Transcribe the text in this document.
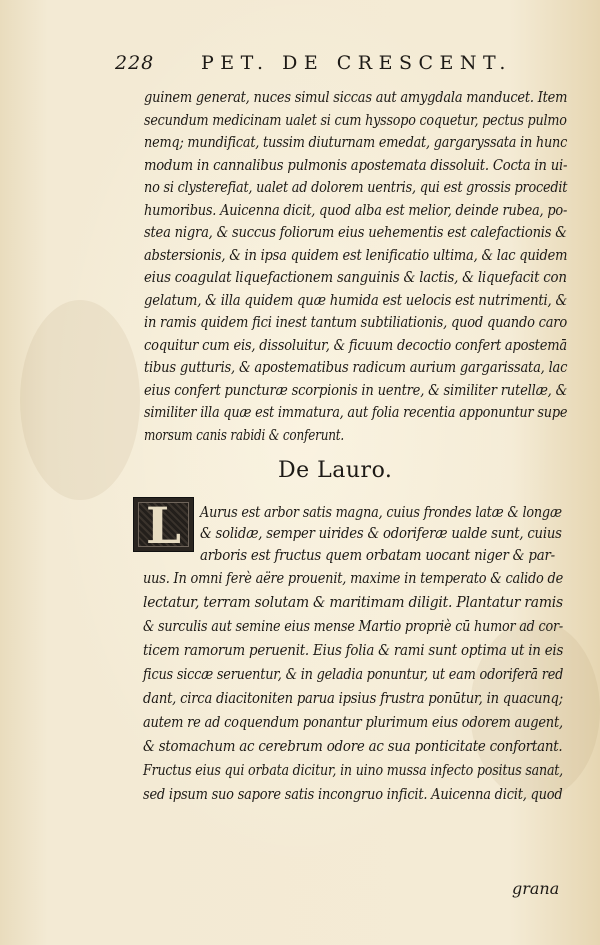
228 PET. DE CRESCENT.
guinem generat, nuces simul siccas aut amygdala manducet. Item
secundum medicinam ualet si cum hyssopo coquetur, pectus pulmo
nemq; mundificat, tussim diuturnam emedat, gargaryssata in hunc
modum in cannalibus pulmonis apostemata dissoluit. Cocta in ui-
no si clysterefiat, ualet ad dolorem uentris, qui est grossis procedit
humoribus. Auicenna dicit, quod alba est melior, deinde rubea, po-
stea nigra, & succus foliorum eius uehementis est calefactionis &
abstersionis, & in ipsa quidem est lenificatio ultima, & lac quidem
eius coagulat liquefactionem sanguinis & lactis, & liquefacit con
gelatum, & illa quidem quæ humida est uelocis est nutrimenti, &
in ramis quidem fici inest tantum subtiliationis, quod quando caro
coquitur cum eis, dissoluitur, & ficuum decoctio confert apostemā
tibus gutturis, & apostematibus radicum aurium gargarissata, lac
eius confert puncturæ scorpionis in uentre, & similiter rutellæ, &
similiter illa quæ est immatura, aut folia recentia apponuntur supe
morsum canis rabidi & conferunt.
De Lauro.
L	Aurus est arbor satis magna, cuius frondes latæ & longæ
& solidæ, semper uirides & odoriferæ ualde sunt, cuius
arboris est fructus quem orbatam uocant niger & par-
uus. In omni ferè aëre prouenit, maxime in temperato & calido de
lectatur, terram solutam & maritimam diligit. Plantatur ramis
& surculis aut semine eius mense Martio propriè cū humor ad cor-
ticem ramorum peruenit. Eius folia & rami sunt optima ut in eis
ficus siccæ seruentur, & in geladia ponuntur, ut eam odoriferā red
dant, circa diacitoniten parua ipsius frustra ponūtur, in quacunq;
autem re ad coquendum ponantur plurimum eius odorem augent,
& stomachum ac cerebrum odore ac sua ponticitate confortant.
Fructus eius qui orbata dicitur, in uino mussa infecto positus sanat,
sed ipsum suo sapore satis incongruo inficit. Auicenna dicit, quod
grana
